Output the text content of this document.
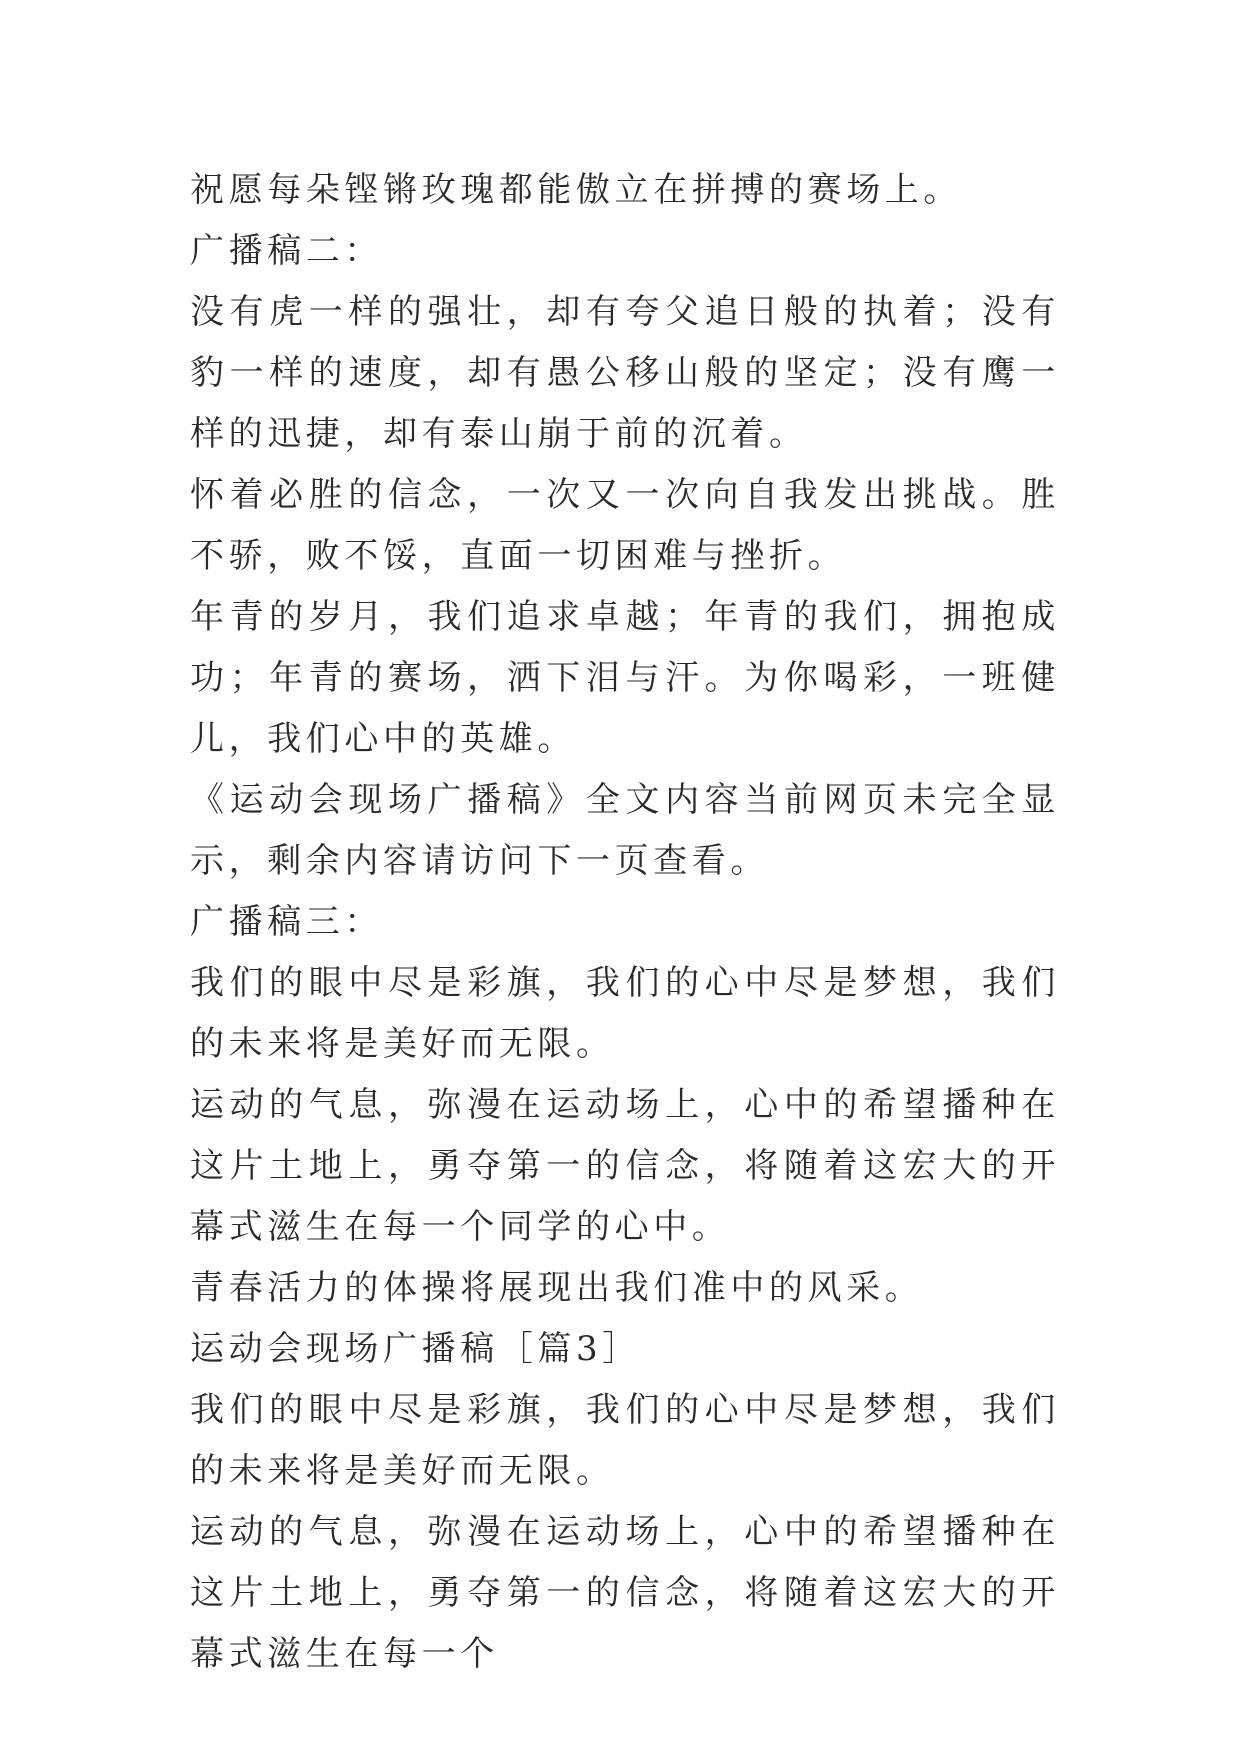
祝愿每朵铿锵玫瑰都能傲立在拼搏的赛场上。

广播稿二：

没有虎一样的强壮，却有夸父追日般的执着；没有豹一样的速度，却有愚公移山般的坚定；没有鹰一样的迅捷，却有泰山崩于前的沉着。

怀着必胜的信念，一次又一次向自我发出挑战。胜不骄，败不馁，直面一切困难与挫折。

年青的岁月，我们追求卓越；年青的我们，拥抱成功；年青的赛场，洒下泪与汗。为你喝彩，一班健儿，我们心中的英雄。

《运动会现场广播稿》全文内容当前网页未完全显示，剩余内容请访问下一页查看。

广播稿三：

我们的眼中尽是彩旗，我们的心中尽是梦想，我们的未来将是美好而无限。

运动的气息，弥漫在运动场上，心中的希望播种在这片土地上，勇夺第一的信念，将随着这宏大的开幕式滋生在每一个同学的心中。

青春活力的体操将展现出我们准中的风采。

运动会现场广播稿［篇3］

我们的眼中尽是彩旗，我们的心中尽是梦想，我们的未来将是美好而无限。

运动的气息，弥漫在运动场上，心中的希望播种在这片土地上，勇夺第一的信念，将随着这宏大的开幕式滋生在每一个
